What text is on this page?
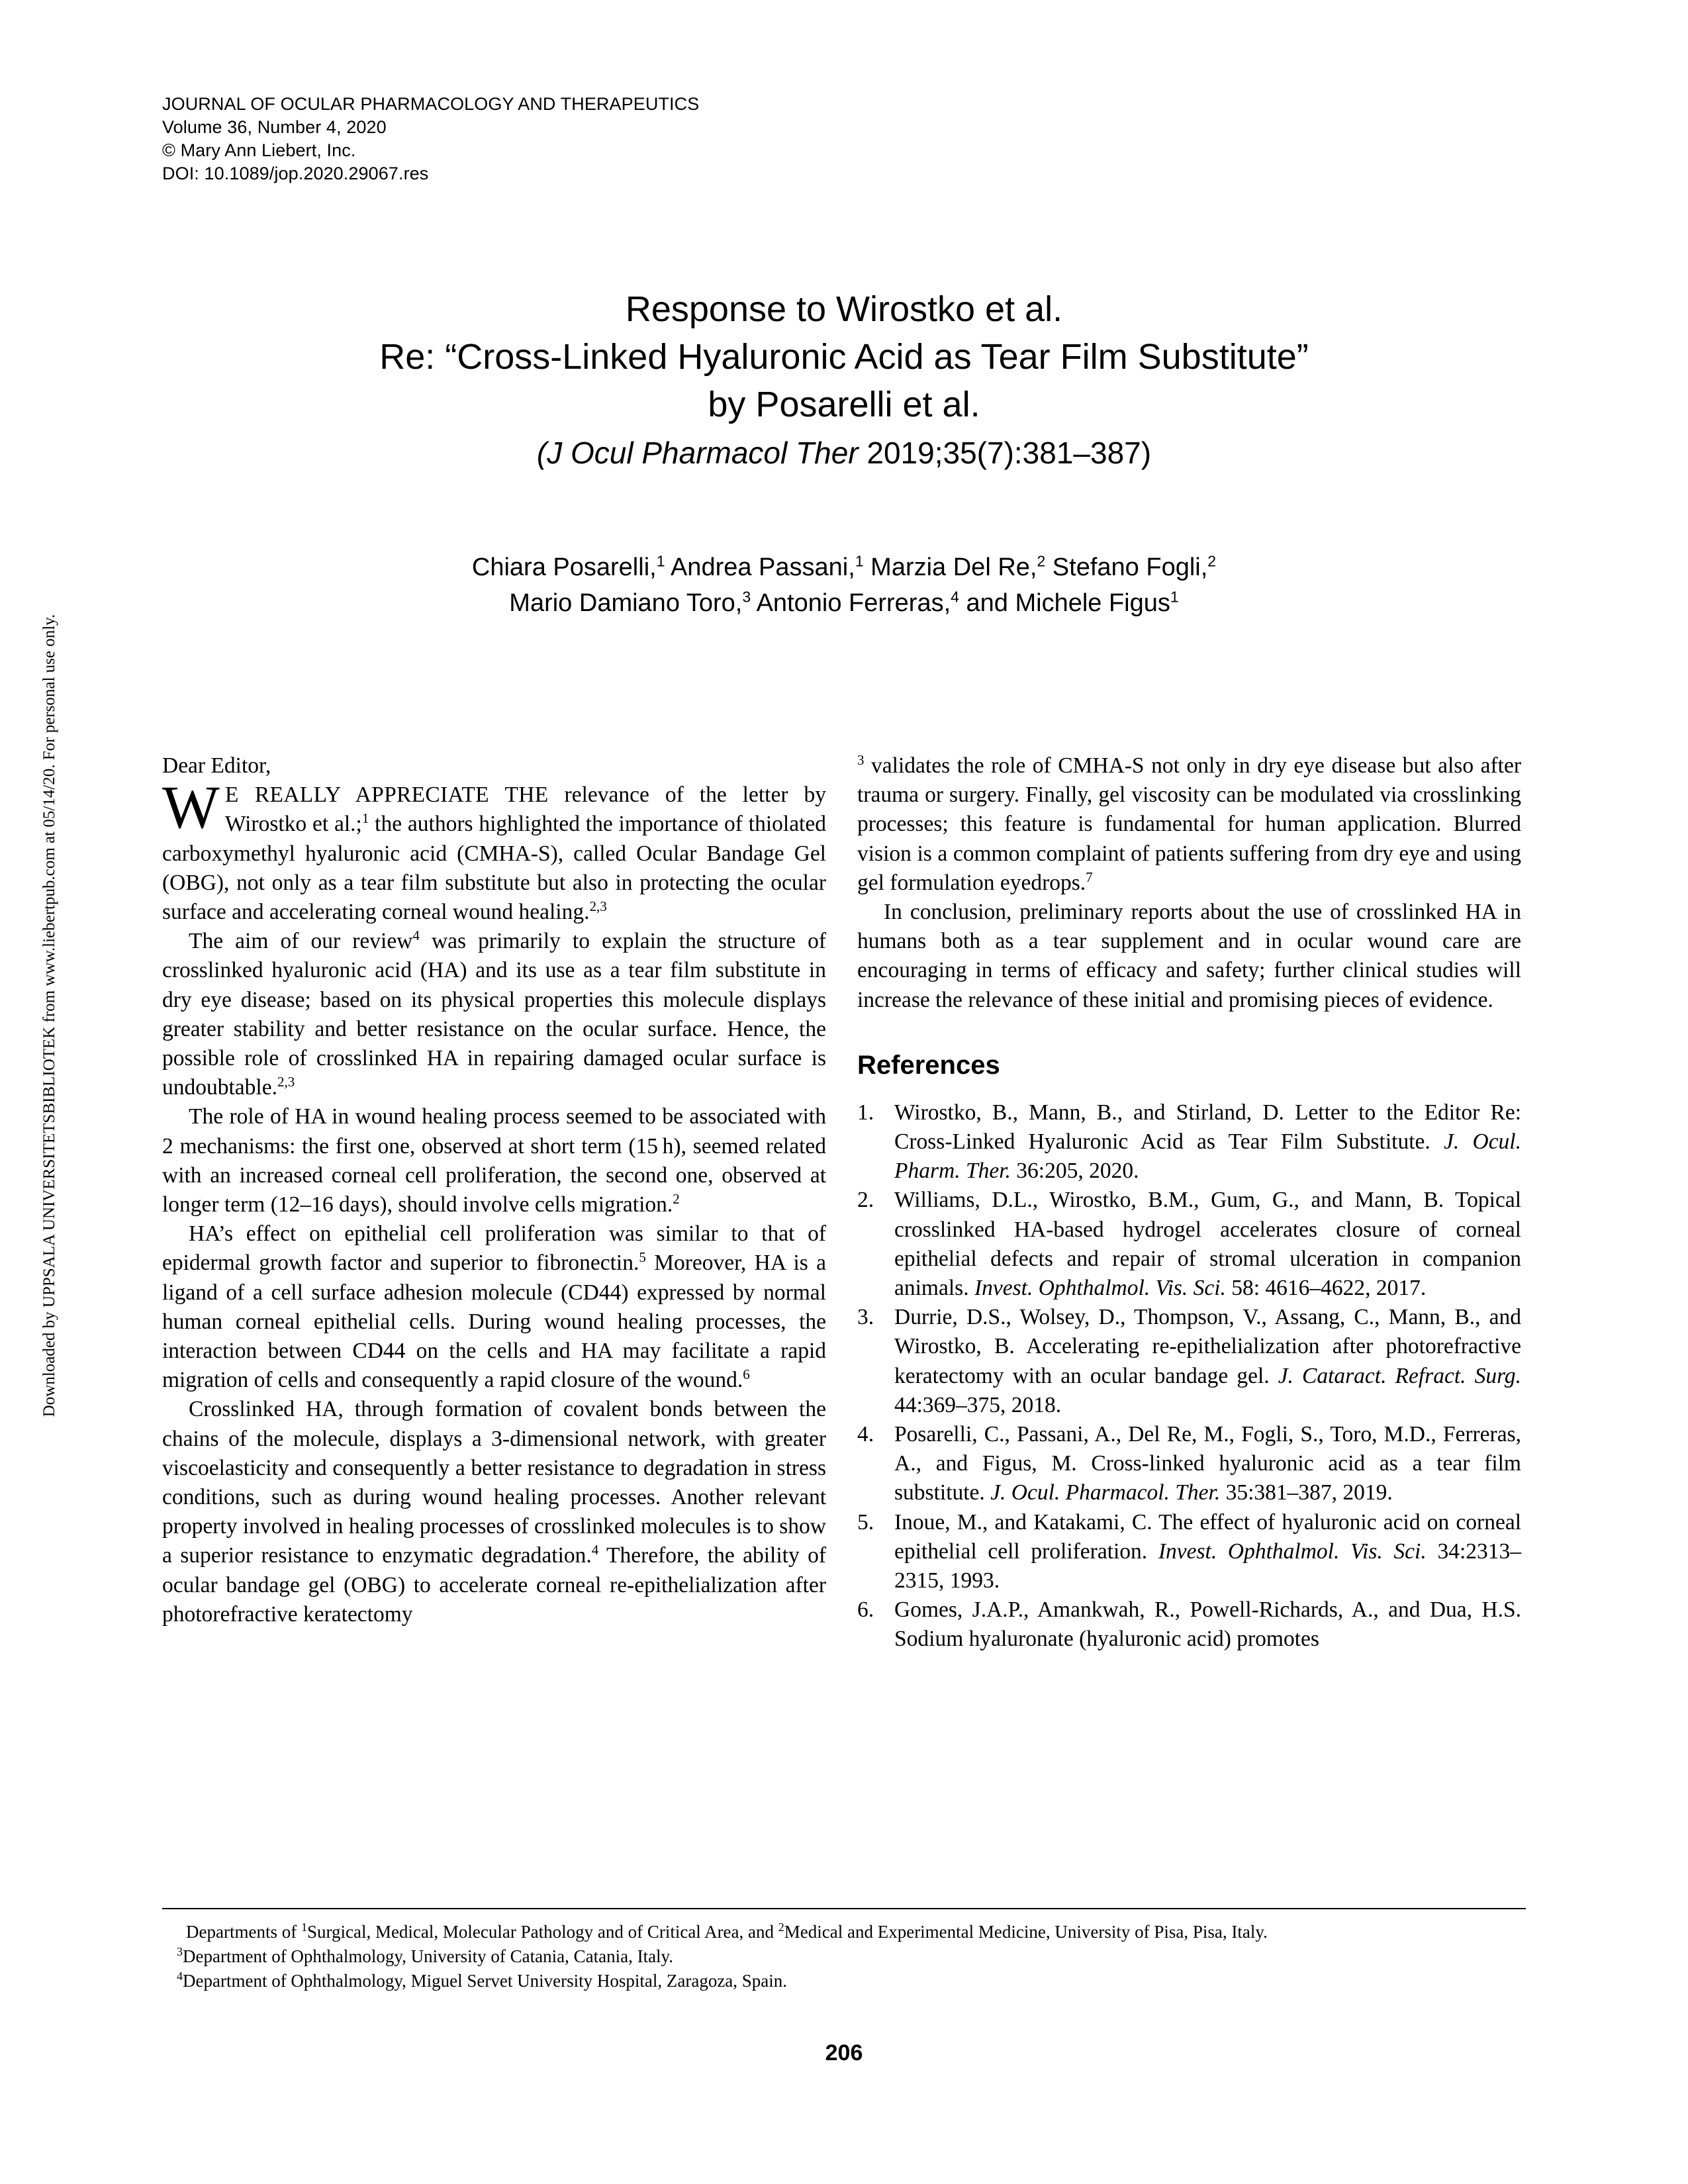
JOURNAL OF OCULAR PHARMACOLOGY AND THERAPEUTICS
Volume 36, Number 4, 2020
© Mary Ann Liebert, Inc.
DOI: 10.1089/jop.2020.29067.res
Response to Wirostko et al.
Re: “Cross-Linked Hyaluronic Acid as Tear Film Substitute”
by Posarelli et al.
(J Ocul Pharmacol Ther 2019;35(7):381–387)
Chiara Posarelli,$^1$ Andrea Passani,$^1$ Marzia Del Re,$^2$ Stefano Fogli,$^2$
Mario Damiano Toro,$^3$ Antonio Ferreras,$^4$ and Michele Figus$^1$
Downloaded by UPPSALA UNIVERSITETSBIBLIOTEK from www.liebertpub.com at 05/14/20. For personal use only.	Dear Editor,

W E REALLY APPRECIATE THE relevance of the letter by Wirostko et al.;$^1$ the authors highlighted the importance of thiolated carboxymethyl hyaluronic acid (CMHA-S), called Ocular Bandage Gel (OBG), not only as a tear film substitute but also in protecting the ocular surface and accelerating corneal wound healing.$^{2,3}$

The aim of our review$^4$ was primarily to explain the structure of crosslinked hyaluronic acid (HA) and its use as a tear film substitute in dry eye disease; based on its physical properties this molecule displays greater stability and better resistance on the ocular surface. Hence, the possible role of crosslinked HA in repairing damaged ocular surface is undoubtable.$^{2,3}$

The role of HA in wound healing process seemed to be associated with 2 mechanisms: the first one, observed at short term (15 h), seemed related with an increased corneal cell proliferation, the second one, observed at longer term (12–16 days), should involve cells migration.$^2$

HA’s effect on epithelial cell proliferation was similar to that of epidermal growth factor and superior to fibronectin.$^5$ Moreover, HA is a ligand of a cell surface adhesion molecule (CD44) expressed by normal human corneal epithelial cells. During wound healing processes, the interaction between CD44 on the cells and HA may facilitate a rapid migration of cells and consequently a rapid closure of the wound.$^6$

Crosslinked HA, through formation of covalent bonds between the chains of the molecule, displays a 3-dimensional network, with greater viscoelasticity and consequently a better resistance to degradation in stress conditions, such as during wound healing processes. Another relevant property involved in healing processes of crosslinked molecules is to show a superior resistance to enzymatic degradation.$^4$ Therefore, the ability of ocular bandage gel (OBG) to accelerate corneal re-epithelialization after photorefractive keratectomy

$^3$ validates the role of CMHA-S not only in dry eye disease but also after trauma or surgery. Finally, gel viscosity can be modulated via crosslinking processes; this feature is fundamental for human application. Blurred vision is a common complaint of patients suffering from dry eye and using gel formulation eyedrops.$^7$

In conclusion, preliminary reports about the use of crosslinked HA in humans both as a tear supplement and in ocular wound care are encouraging in terms of efficacy and safety; further clinical studies will increase the relevance of these initial and promising pieces of evidence.

References
Wirostko, B., Mann, B., and Stirland, D. Letter to the Editor Re: Cross-Linked Hyaluronic Acid as Tear Film Substitute. J. Ocul. Pharm. Ther. 36:205, 2020.
Williams, D.L., Wirostko, B.M., Gum, G., and Mann, B. Topical crosslinked HA-based hydrogel accelerates closure of corneal epithelial defects and repair of stromal ulceration in companion animals. Invest. Ophthalmol. Vis. Sci. 58: 4616–4622, 2017.
Durrie, D.S., Wolsey, D., Thompson, V., Assang, C., Mann, B., and Wirostko, B. Accelerating re-epithelialization after photorefractive keratectomy with an ocular bandage gel. J. Cataract. Refract. Surg. 44:369–375, 2018.
Posarelli, C., Passani, A., Del Re, M., Fogli, S., Toro, M.D., Ferreras, A., and Figus, M. Cross-linked hyaluronic acid as a tear film substitute. J. Ocul. Pharmacol. Ther. 35:381–387, 2019.
Inoue, M., and Katakami, C. The effect of hyaluronic acid on corneal epithelial cell proliferation. Invest. Ophthalmol. Vis. Sci. 34:2313–2315, 1993.
Gomes, J.A.P., Amankwah, R., Powell-Richards, A., and Dua, H.S. Sodium hyaluronate (hyaluronic acid) promotes

Departments of $^1$Surgical, Medical, Molecular Pathology and of Critical Area, and $^2$Medical and Experimental Medicine, University of Pisa, Pisa, Italy.

$^3$Department of Ophthalmology, University of Catania, Catania, Italy.

$^4$Department of Ophthalmology, Miguel Servet University Hospital, Zaragoza, Spain.

206
